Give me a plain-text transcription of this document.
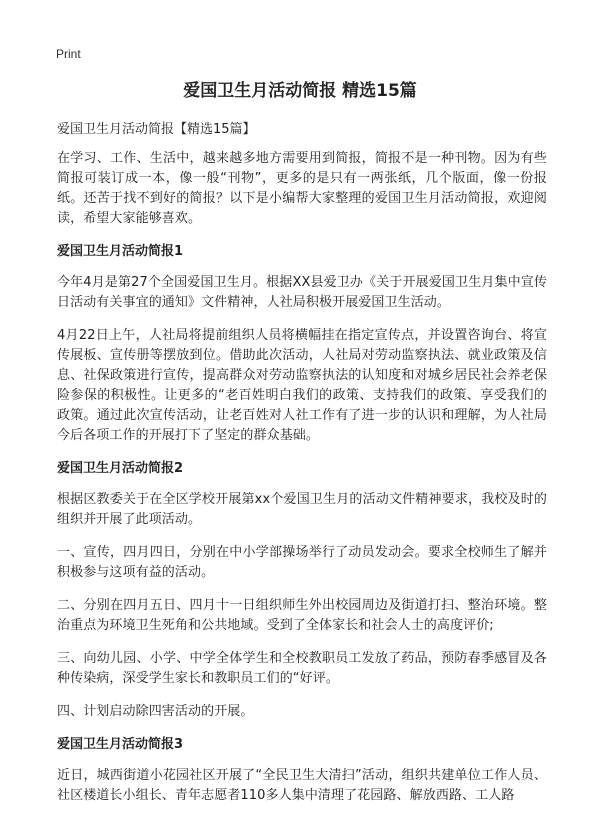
Print
爱国卫生月活动简报 精选15篇

爱国卫生月活动简报【精选15篇】

在学习、工作、生活中，越来越多地方需要用到简报，简报不是一种刊物。因为有些简报可装订成一本，像一般“刊物”，更多的是只有一两张纸，几个版面，像一份报纸。还苦于找不到好的简报？以下是小编帮大家整理的爱国卫生月活动简报，欢迎阅读，希望大家能够喜欢。

爱国卫生月活动简报1

今年4月是第27个全国爱国卫生月。根据XX县爱卫办《关于开展爱国卫生月集中宣传日活动有关事宜的通知》文件精神，人社局积极开展爱国卫生活动。

4月22日上午，人社局将提前组织人员将横幅挂在指定宣传点，并设置咨询台、将宣传展板、宣传册等摆放到位。借助此次活动，人社局对劳动监察执法、就业政策及信息、社保政策进行宣传，提高群众对劳动监察执法的认知度和对城乡居民社会养老保险参保的积极性。让更多的“老百姓明白我们的政策、支持我们的政策、享受我们的政策。通过此次宣传活动，让老百姓对人社工作有了进一步的认识和理解，为人社局今后各项工作的开展打下了坚定的群众基础。

爱国卫生月活动简报2

根据区教委关于在全区学校开展第xx个爱国卫生月的活动文件精神要求，我校及时的组织并开展了此项活动。

一、宣传，四月四日，分别在中小学部操场举行了动员发动会。要求全校师生了解并积极参与这项有益的活动。

二、分别在四月五日、四月十一日组织师生外出校园周边及街道打扫、整治环境。整治重点为环境卫生死角和公共地域。受到了全体家长和社会人士的高度评价;

三、向幼儿园、小学、中学全体学生和全校教职员工发放了药品，预防春季感冒及各种传染病，深受学生家长和教职员工们的“好评。

四、计划启动除四害活动的开展。

爱国卫生月活动简报3

近日，城西街道小花园社区开展了“全民卫生大清扫”活动，组织共建单位工作人员、社区楼道长小组长、青年志愿者110多人集中清理了花园路、解放西路、工人路
